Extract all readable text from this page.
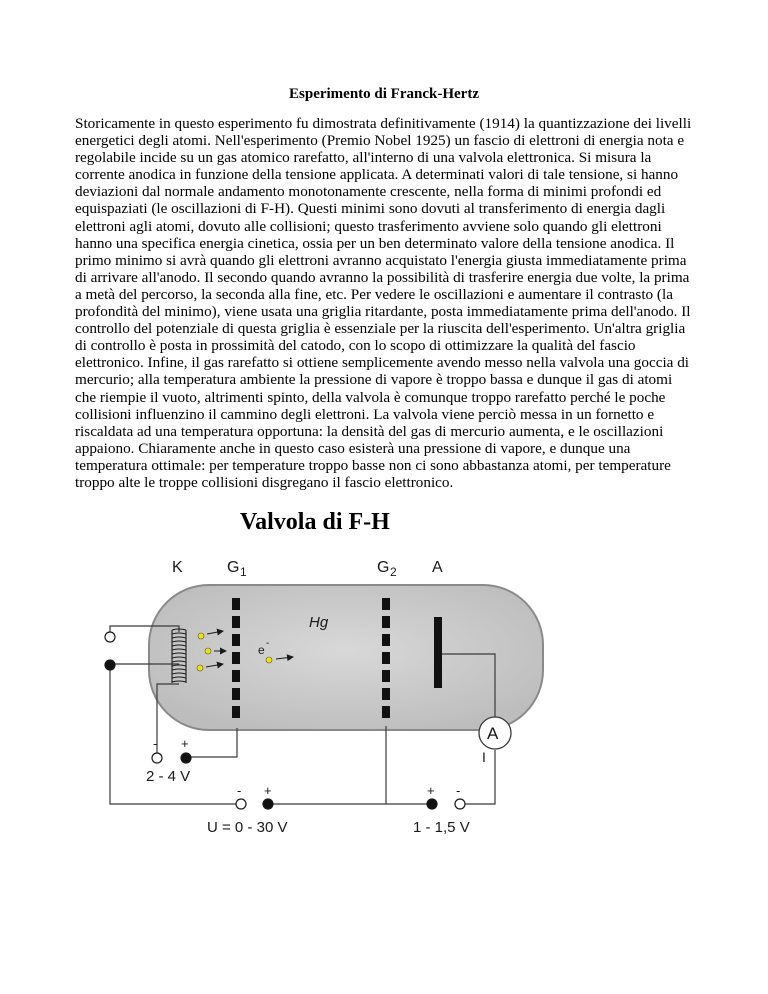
Esperimento di Franck-Hertz

Storicamente in questo esperimento fu dimostrata definitivamente (1914) la quantizzazione dei livelli energetici degli atomi. Nell'esperimento (Premio Nobel 1925) un fascio di elettroni di energia nota e regolabile incide su un gas atomico rarefatto, all'interno di una valvola elettronica. Si misura la corrente anodica in funzione della tensione applicata. A determinati valori di tale tensione, si hanno deviazioni dal normale andamento monotonamente crescente, nella forma di minimi profondi ed equispaziati (le oscillazioni di F-H). Questi minimi sono dovuti al transferimento di energia dagli elettroni agli atomi, dovuto alle collisioni; questo trasferimento avviene solo quando gli elettroni hanno una specifica energia cinetica, ossia per un ben determinato valore della tensione anodica. Il primo minimo si avrà quando gli elettroni avranno acquistato l'energia giusta immediatamente prima di arrivare all'anodo. Il secondo quando avranno la possibilità di trasferire energia due volte, la prima a metà del percorso, la seconda alla fine, etc. Per vedere le oscillazioni e aumentare il contrasto (la profondità del minimo), viene usata una griglia ritardante, posta immediatamente prima dell'anodo. Il controllo del potenziale di questa griglia è essenziale per la riuscita dell'esperimento. Un'altra griglia di controllo è posta in prossimità del catodo, con lo scopo di ottimizzare la qualità del fascio elettronico. Infine, il gas rarefatto si ottiene semplicemente avendo messo nella valvola una goccia di mercurio; alla temperatura ambiente la pressione di vapore è troppo bassa e dunque il gas di atomi che riempie il vuoto, altrimenti spinto, della valvola è comunque troppo rarefatto perché le poche collisioni influenzino il cammino degli elettroni. La valvola viene perciò messa in un fornetto e riscaldata ad una temperatura opportuna: la densità del gas di mercurio aumenta, e le oscillazioni appaiono. Chiaramente anche in questo caso esisterà una pressione di vapore, e dunque una temperatura ottimale: per temperature troppo basse non ci sono abbastanza atomi, per temperature troppo alte le troppe collisioni disgregano il fascio elettronico.

Valvola di F-H
K	G 1	G 2 A
Hg
e -
A
I
- +
2 - 4 V
- +
U = 0 - 30 V
+ -
1 - 1,5 V
